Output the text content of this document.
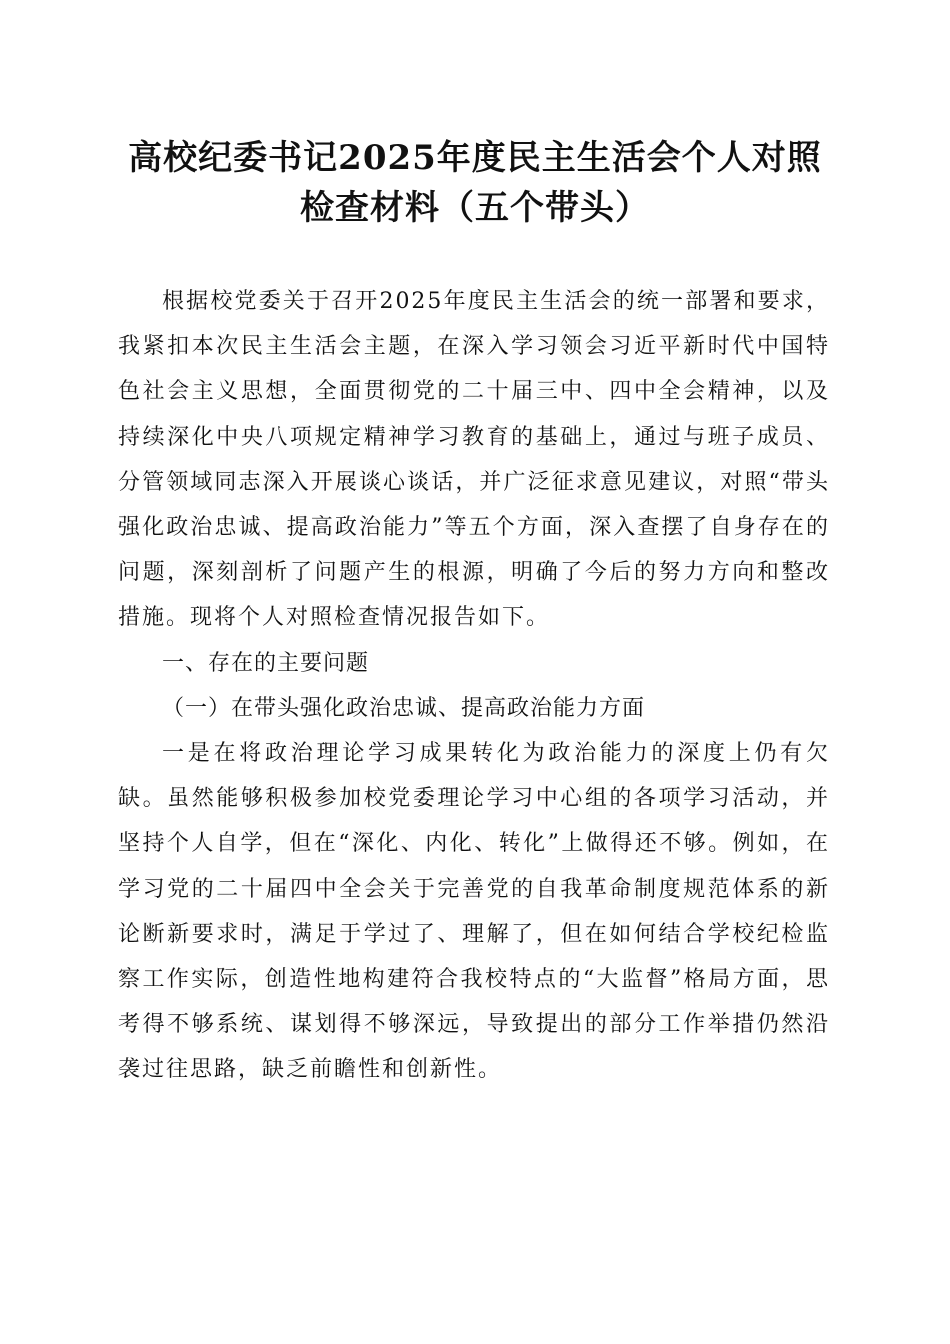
高校纪委书记2025年度民主生活会个人对照
检查材料（五个带头）

根据校党委关于召开2025年度民主生活会的统一部署和要求，我紧扣本次民主生活会主题，在深入学习领会习近平新时代中国特色社会主义思想，全面贯彻党的二十届三中、四中全会精神，以及持续深化中央八项规定精神学习教育的基础上，通过与班子成员、分管领域同志深入开展谈心谈话，并广泛征求意见建议，对照“带头强化政治忠诚、提高政治能力”等五个方面，深入查摆了自身存在的问题，深刻剖析了问题产生的根源，明确了今后的努力方向和整改措施。现将个人对照检查情况报告如下。

一、存在的主要问题

（一）在带头强化政治忠诚、提高政治能力方面

一是在将政治理论学习成果转化为政治能力的深度上仍有欠缺。虽然能够积极参加校党委理论学习中心组的各项学习活动，并坚持个人自学，但在“深化、内化、转化”上做得还不够。例如，在学习党的二十届四中全会关于完善党的自我革命制度规范体系的新论断新要求时，满足于学过了、理解了，但在如何结合学校纪检监察工作实际，创造性地构建符合我校特点的“大监督”格局方面，思考得不够系统、谋划得不够深远，导致提出的部分工作举措仍然沿袭过往思路，缺乏前瞻性和创新性。
